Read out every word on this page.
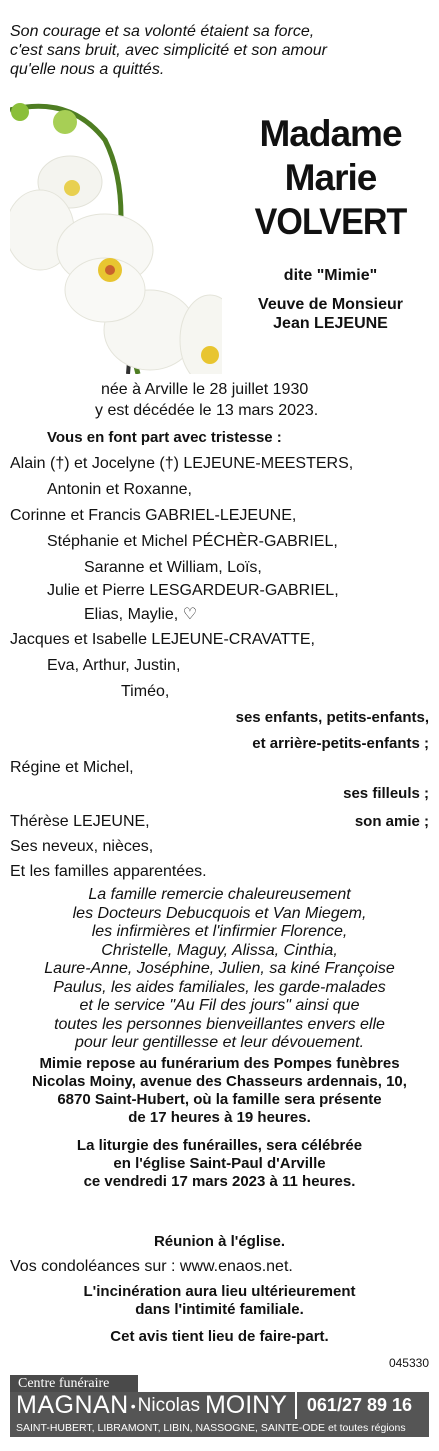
Son courage et sa volonté étaient sa force,
c'est sans bruit, avec simplicité et son amour
qu'elle nous a quittés.
Madame
Marie
VOLVERT
dite "Mimie"
Veuve de Monsieur
Jean LEJEUNE
née à Arville le 28 juillet 1930
y est décédée le 13 mars 2023.
Vous en font part avec tristesse :
Alain (†) et Jocelyne (†) LEJEUNE-MEESTERS,
Antonin et Roxanne,
Corinne et Francis GABRIEL-LEJEUNE,
Stéphanie et Michel PÉCHÈR-GABRIEL,
Saranne et William, Loïs,
Julie et Pierre LESGARDEUR-GABRIEL,
Elias, Maylie, ♡
Jacques et Isabelle LEJEUNE-CRAVATTE,
Eva, Arthur, Justin,
Timéo,
ses enfants, petits-enfants,
et arrière-petits-enfants ;
Régine et Michel,
ses filleuls ;
Thérèse LEJEUNE,	son amie ;
Ses neveux, nièces,
Et les familles apparentées.
La famille remercie chaleureusement
les Docteurs Debucquois et Van Miegem,
les infirmières et l'infirmier Florence,
Christelle, Maguy, Alissa, Cinthia,
Laure-Anne, Joséphine, Julien, sa kiné Françoise
Paulus, les aides familiales, les garde-malades
et le service "Au Fil des jours" ainsi que
toutes les personnes bienveillantes envers elle
pour leur gentillesse et leur dévouement.
Mimie repose au funérarium des Pompes funèbres
Nicolas Moiny, avenue des Chasseurs ardennais, 10,
6870 Saint-Hubert, où la famille sera présente
de 17 heures à 19 heures.
La liturgie des funérailles, sera célébrée
en l'église Saint-Paul d'Arville
ce vendredi 17 mars 2023 à 11 heures.
Réunion à l'église.
Vos condoléances sur : www.enaos.net.
L'incinération aura lieu ultérieurement
dans l'intimité familiale.
Cet avis tient lieu de faire-part.
045330
Centre funéraire
MAGNAN • Nicolas MOINY 061/27 89 16
SAINT-HUBERT, LIBRAMONT, LIBIN, NASSOGNE, SAINTE-ODE et toutes régions
